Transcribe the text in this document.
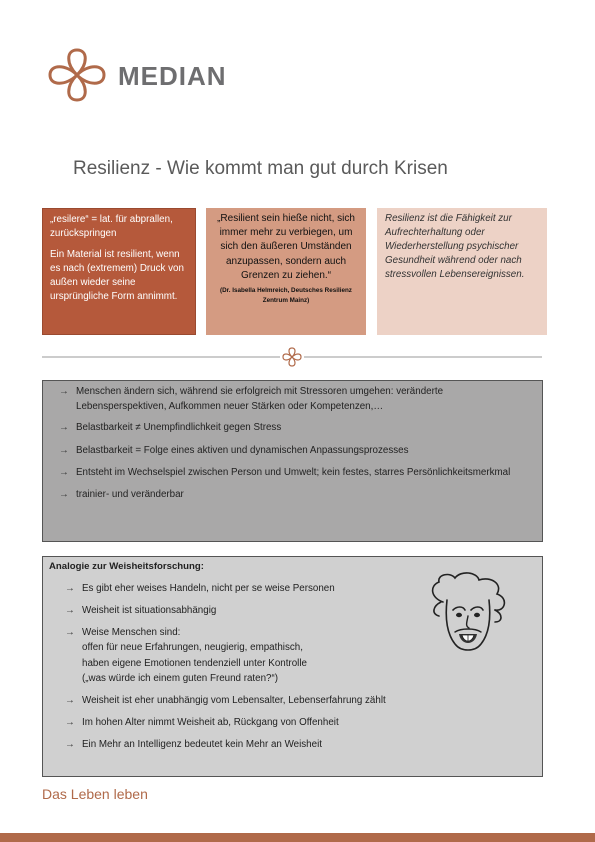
MEDIAN
Resilienz - Wie kommt man gut durch Krisen

„resilere“ = lat. für abprallen, zurückspringen

Ein Material ist resilient, wenn es nach (extremem) Druck von außen wieder seine ursprüngliche Form annimmt.

„Resilient sein hieße nicht, sich immer mehr zu verbiegen, um sich den äußeren Umständen anzupassen, sondern auch Grenzen zu ziehen.“
(Dr. Isabella Helmreich, Deutsches Resilienz Zentrum Mainz)
Resilienz ist die Fähigkeit zur Aufrechterhaltung oder Wiederherstellung psychischer Gesundheit während oder nach stressvollen Lebensereignissen.
→ Menschen ändern sich, während sie erfolgreich mit Stressoren umgehen: veränderte Lebensperspektiven, Aufkommen neuer Stärken oder Kompetenzen,…
→ Belastbarkeit ≠ Unempfindlichkeit gegen Stress
→ Belastbarkeit = Folge eines aktiven und dynamischen Anpassungsprozesses
→ Entsteht im Wechselspiel zwischen Person und Umwelt; kein festes, starres Persönlichkeitsmerkmal
→ trainier- und veränderbar
Analogie zur Weisheitsforschung:
→ Es gibt eher weises Handeln, nicht per se weise Personen
→ Weisheit ist situationsabhängig
→ Weise Menschen sind:
offen für neue Erfahrungen, neugierig, empathisch,
haben eigene Emotionen tendenziell unter Kontrolle
(„was würde ich einem guten Freund raten?“)
→ Weisheit ist eher unabhängig vom Lebensalter, Lebenserfahrung zählt
→ Im hohen Alter nimmt Weisheit ab, Rückgang von Offenheit
→ Ein Mehr an Intelligenz bedeutet kein Mehr an Weisheit
Das Leben leben
